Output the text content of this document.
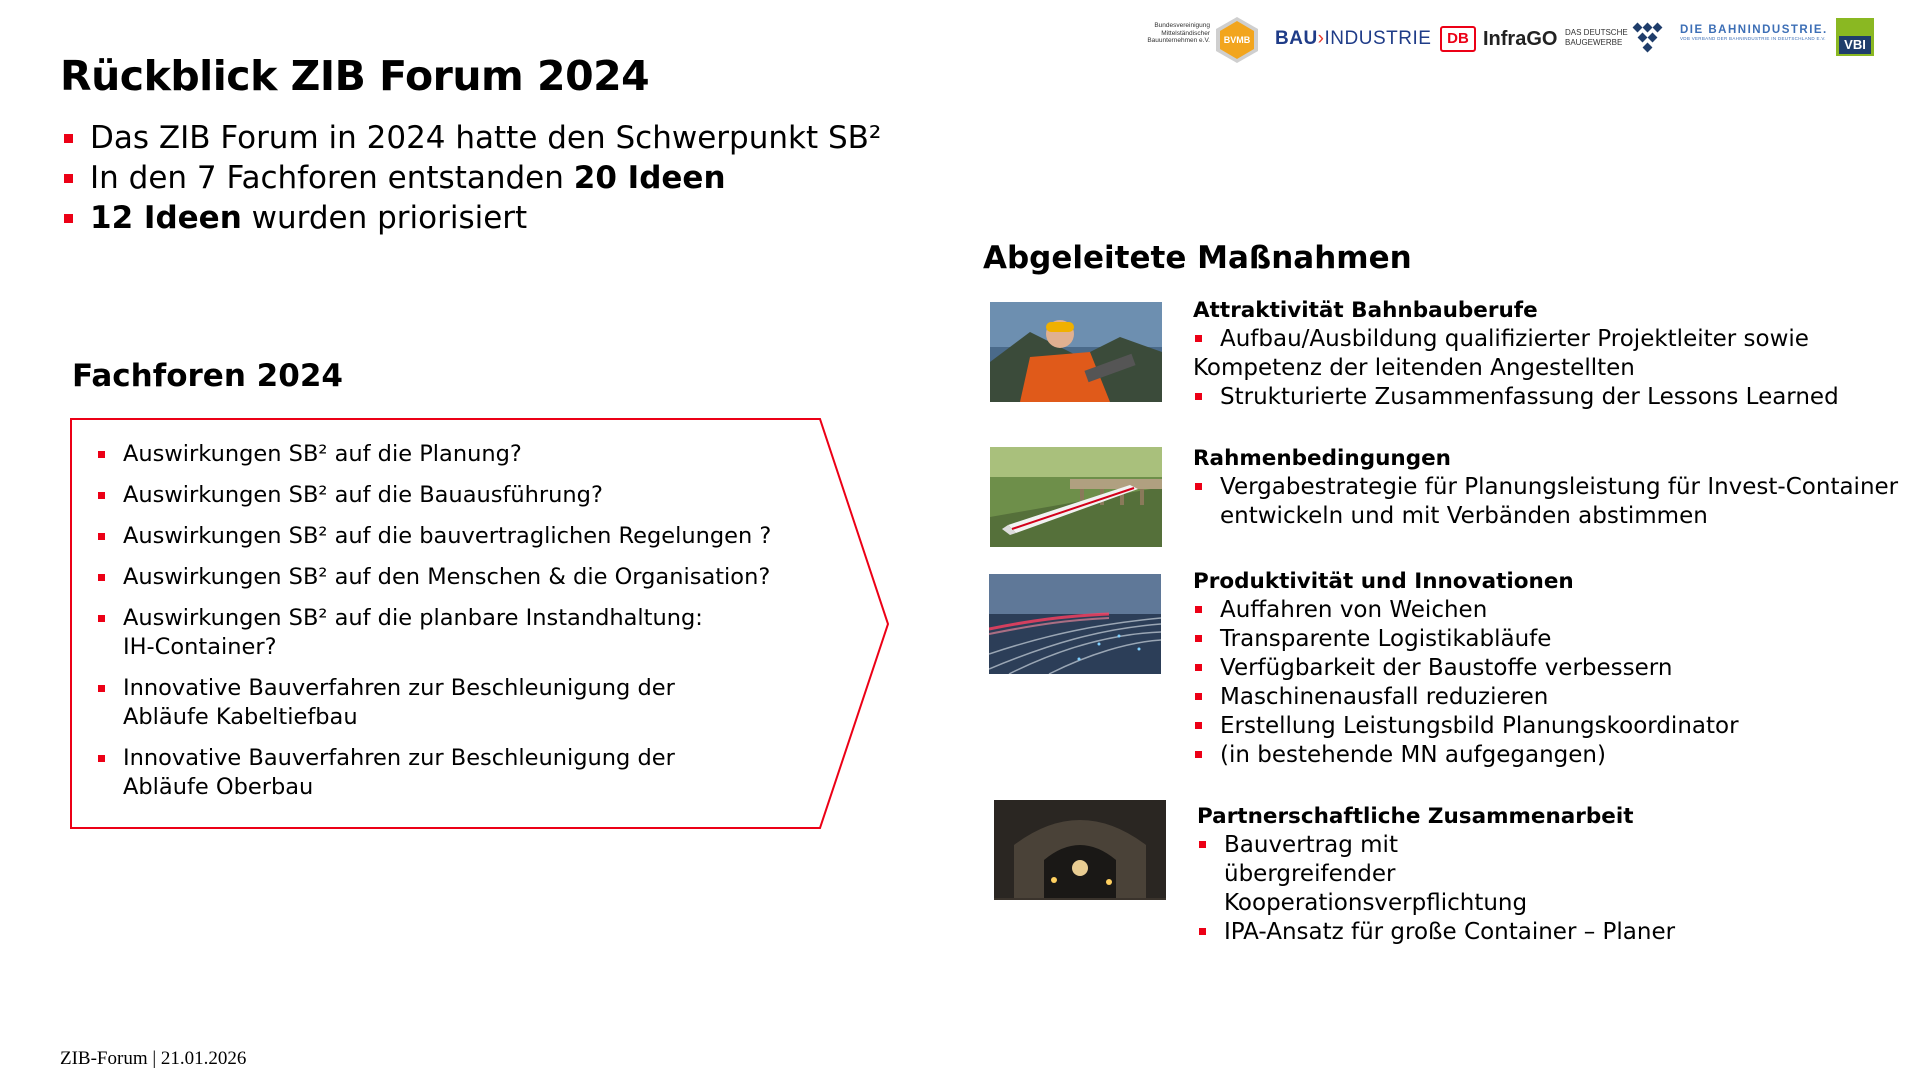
Rückblick ZIB Forum 2024
Das ZIB Forum in 2024 hatte den Schwerpunkt SB²
In den 7 Fachforen entstanden 20 Ideen
12 Ideen wurden priorisiert
Fachforen 2024
Auswirkungen SB² auf die Planung?
Auswirkungen SB² auf die Bauausführung?
Auswirkungen SB² auf die bauvertraglichen Regelungen ?
Auswirkungen SB² auf den Menschen & die Organisation?
Auswirkungen SB² auf die planbare Instandhaltung: IH-Container?
Innovative Bauverfahren zur Beschleunigung der Abläufe Kabeltiefbau
Innovative Bauverfahren zur Beschleunigung der Abläufe Oberbau
Abgeleitete Maßnahmen
Attraktivität Bahnbauberufe
Aufbau/Ausbildung qualifizierter Projektleiter sowie Kompetenz der leitenden Angestellten
Strukturierte Zusammenfassung der Lessons Learned
Rahmenbedingungen
Vergabestrategie für Planungsleistung für Invest-Container entwickeln und mit Verbänden abstimmen
Produktivität und Innovationen
Auffahren von Weichen
Transparente Logistikabläufe
Verfügbarkeit der Baustoffe verbessern
Maschinenausfall reduzieren
Erstellung Leistungsbild Planungskoordinator
(in bestehende MN aufgegangen)
Partnerschaftliche Zusammenarbeit
Bauvertrag mit übergreifender Kooperationsverpflichtung
IPA-Ansatz für große Container – Planer
Bundesvereinigung Mittelständischer Bauunternehmen e.V. BVMB BAU›INDUSTRIE	DB InfraGO DAS DEUTSCHE BAUGEWERBE
DIE BAHNINDUSTRIE.
VDB VERBAND DER BAHNINDUSTRIE IN DEUTSCHLAND E.V.	VBI
ZIB-Forum | 21.01.2026
